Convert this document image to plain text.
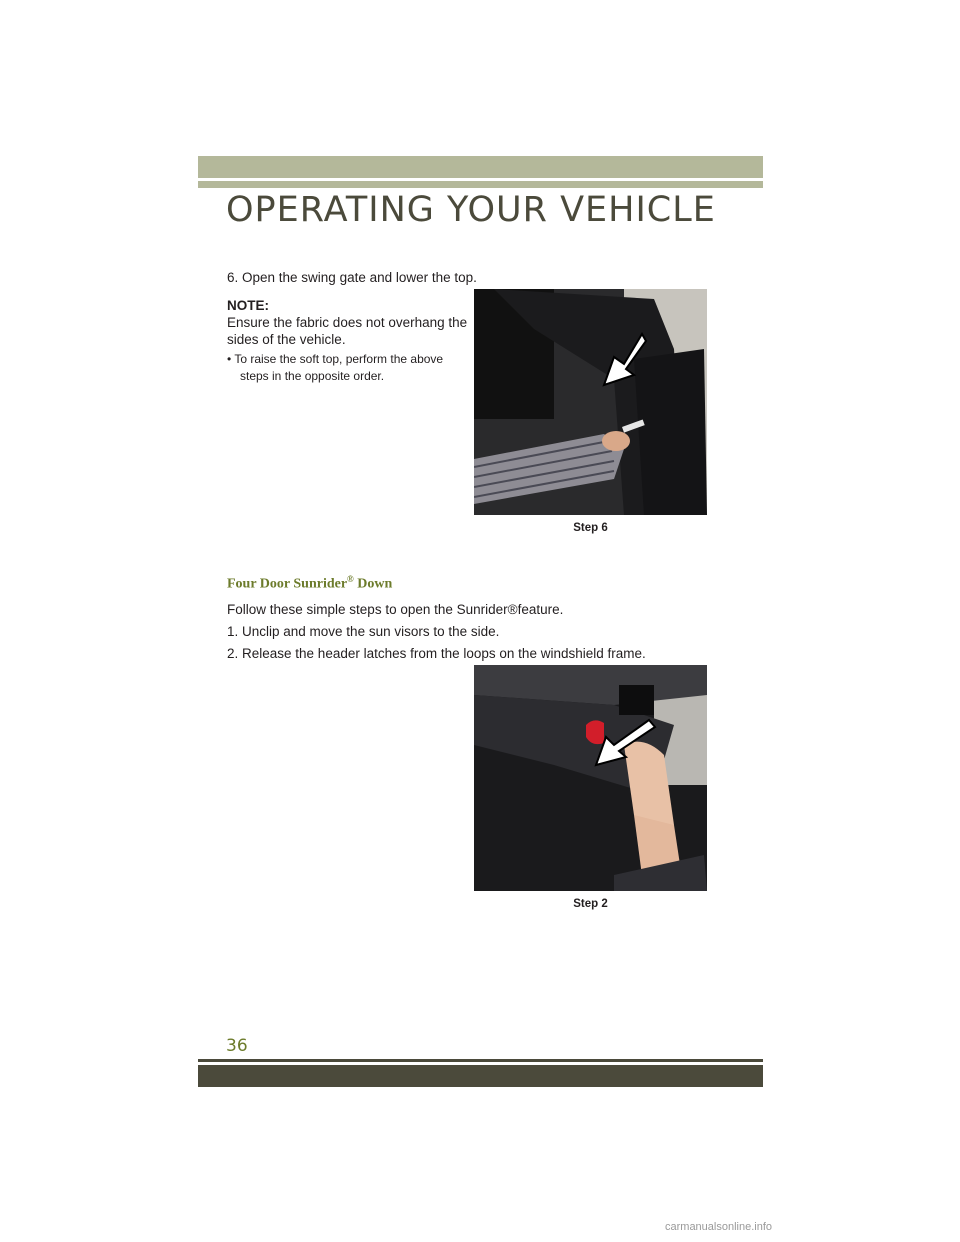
OPERATING YOUR VEHICLE
6. Open the swing gate and lower the top.
NOTE:
Ensure the fabric does not overhang the
sides of the vehicle.
• To raise the soft top, perform the above
steps in the opposite order.
Step 6
Four Door Sunrider® Down
Follow these simple steps to open the Sunrider®feature.
1. Unclip and move the sun visors to the side.
2. Release the header latches from the loops on the windshield frame.
Step 2
36
carmanualsonline.info
